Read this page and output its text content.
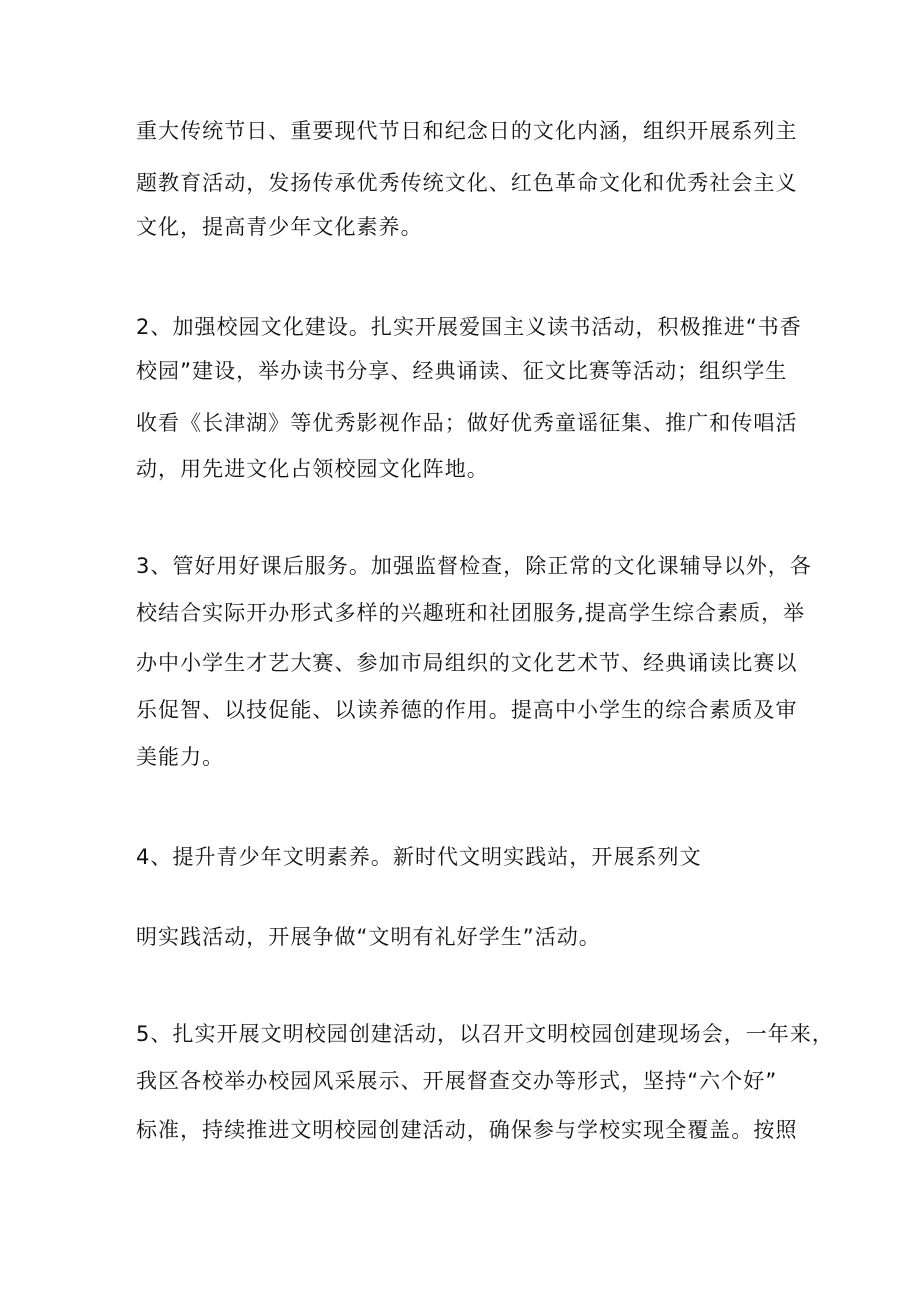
重大传统节日、重要现代节日和纪念日的文化内涵，组织开展系列主
题教育活动，发扬传承优秀传统文化、红色革命文化和优秀社会主义
文化，提高青少年文化素养。
2、加强校园文化建设。扎实开展爱国主义读书活动，积极推进“书香
校园”建设，举办读书分享、经典诵读、征文比赛等活动；组织学生
收看《长津湖》等优秀影视作品；做好优秀童谣征集、推广和传唱活
动，用先进文化占领校园文化阵地。
3、管好用好课后服务。加强监督检查，除正常的文化课辅导以外，各
校结合实际开办形式多样的兴趣班和社团服务,提高学生综合素质，举
办中小学生才艺大赛、参加市局组织的文化艺术节、经典诵读比赛以
乐促智、以技促能、以读养德的作用。提高中小学生的综合素质及审
美能力。
4、提升青少年文明素养。新时代文明实践站，开展系列文
明实践活动，开展争做“文明有礼好学生”活动。
5、扎实开展文明校园创建活动，以召开文明校园创建现场会，一年来，
我区各校举办校园风采展示、开展督查交办等形式，坚持“六个好”
标准，持续推进文明校园创建活动，确保参与学校实现全覆盖。按照
